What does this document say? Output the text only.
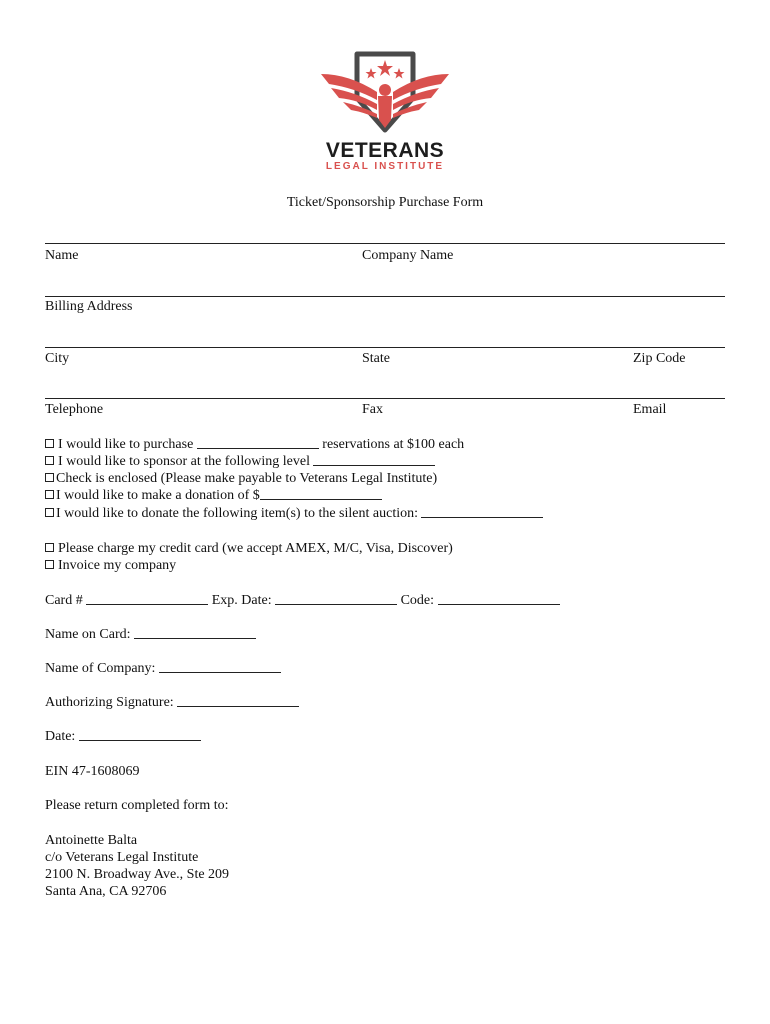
VETERANS
LEGAL INSTITUTE
Ticket/Sponsorship Purchase Form
Name	Company Name
Billing Address
City	State	Zip Code
Telephone	Fax	Email
I would like to purchase	reservations at $100 each
I would like to sponsor at the following level
Check is enclosed (Please make payable to Veterans Legal Institute)
I would like to make a donation of $
I would like to donate the following item(s) to the silent auction:
Please charge my credit card (we accept AMEX, M/C, Visa, Discover)
Invoice my company
Card #	Exp. Date:	Code:
Name on Card:
Name of Company:
Authorizing Signature:
Date:
EIN 47-1608069
Please return completed form to:
Antoinette Balta
c/o Veterans Legal Institute
2100 N. Broadway Ave., Ste 209
Santa Ana, CA 92706
